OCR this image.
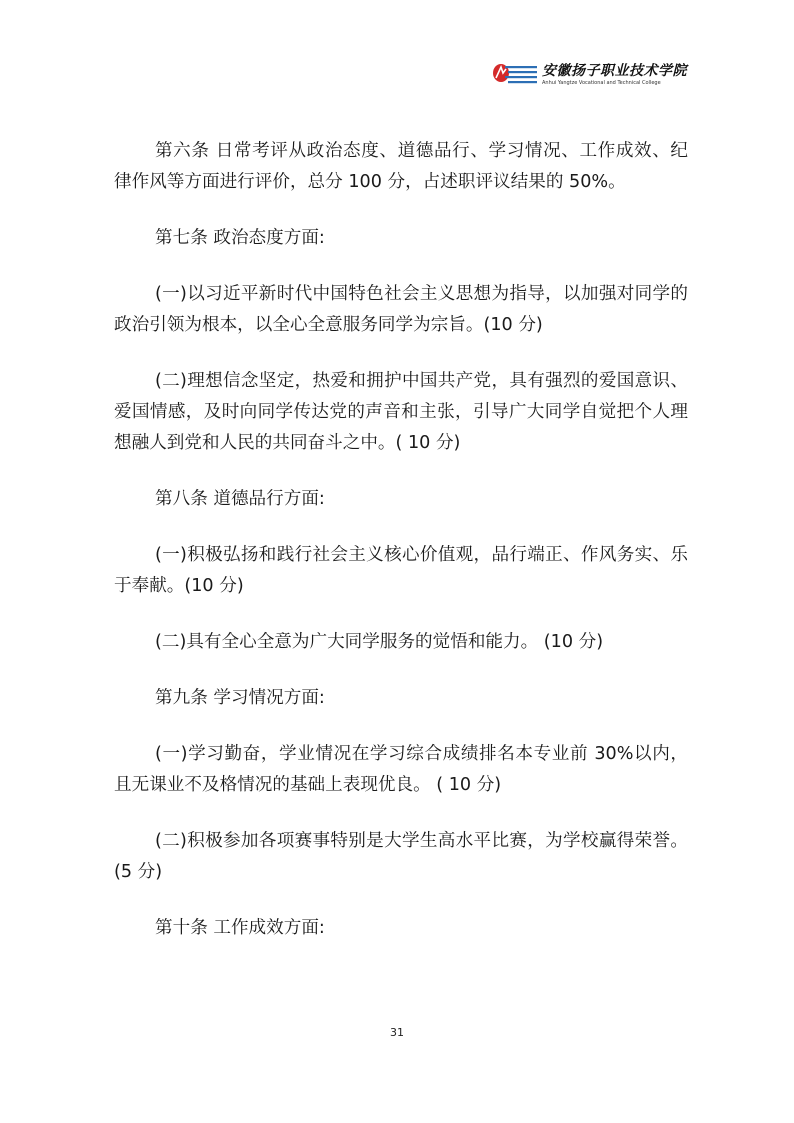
安徽扬子职业技术学院
Anhui Yangtze Vocational and Technical College

第六条 日常考评从政治态度、道德品行、学习情况、工作成效、纪律作风等方面进行评价，总分 100 分，占述职评议结果的 50%。

第七条 政治态度方面:

(一)以习近平新时代中国特色社会主义思想为指导，以加强对同学的政治引领为根本，以全心全意服务同学为宗旨。(10 分)

(二)理想信念坚定，热爱和拥护中国共产党，具有强烈的爱国意识、爱国情感，及时向同学传达党的声音和主张，引导广大同学自觉把个人理想融人到党和人民的共同奋斗之中。( 10 分)

第八条 道德品行方面:

(一)积极弘扬和践行社会主义核心价值观，品行端正、作风务实、乐于奉献。(10 分)

(二)具有全心全意为广大同学服务的觉悟和能力。 (10 分)

第九条 学习情况方面:

(一)学习勤奋，学业情况在学习综合成绩排名本专业前 30%以内，且无课业不及格情况的基础上表现优良。 ( 10 分)

(二)积极参加各项赛事特别是大学生高水平比赛，为学校赢得荣誉。(5 分)

第十条 工作成效方面:

31
